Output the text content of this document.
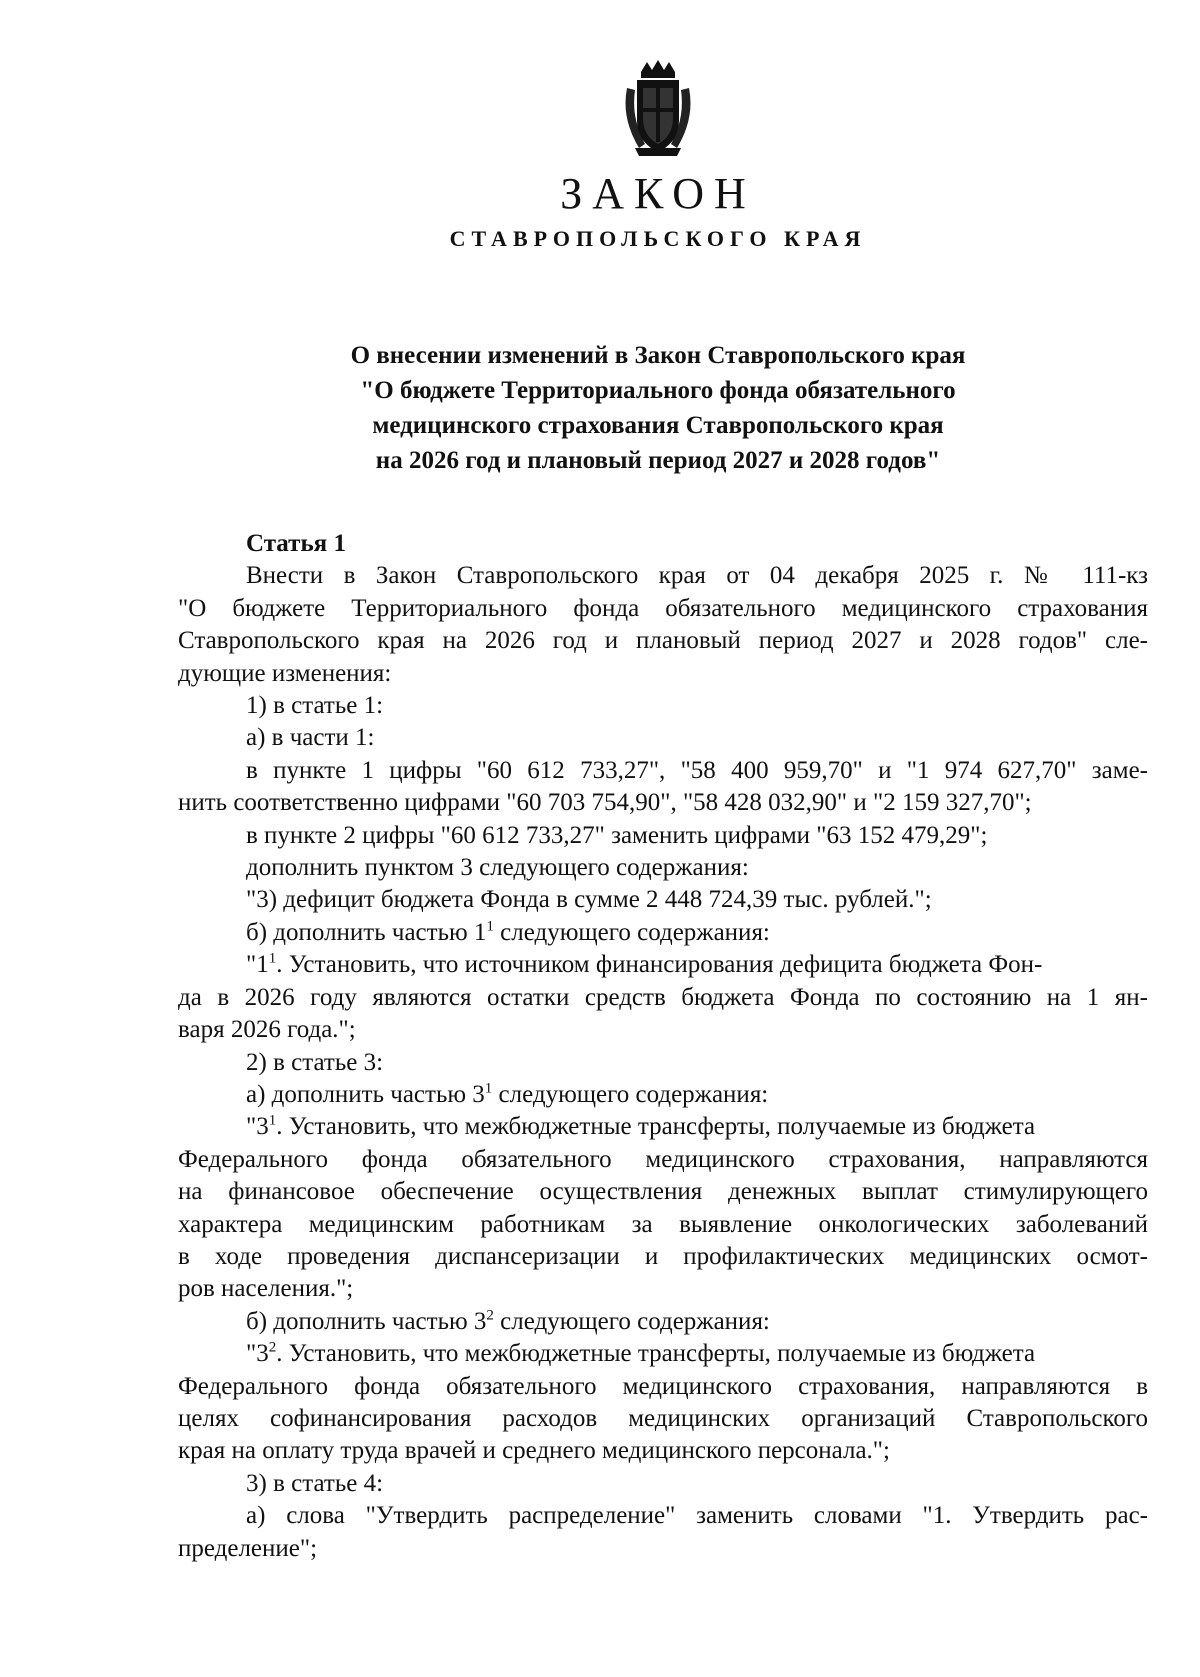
ЗАКОН
СТАВРОПОЛЬСКОГО КРАЯ
О внесении изменений в Закон Ставропольского края
"О бюджете Территориального фонда обязательного
медицинского страхования Ставропольского края
на 2026 год и плановый период 2027 и 2028 годов"
Статья 1
Внести в Закон Ставропольского края от 04 декабря 2025 г. № 111-кз
"О бюджете Территориального фонда обязательного медицинского страхования
Ставропольского края на 2026 год и плановый период 2027 и 2028 годов" сле-
дующие изменения:
1) в статье 1:
а) в части 1:
в пункте 1 цифры "60 612 733,27", "58 400 959,70" и "1 974 627,70" заме-
нить соответственно цифрами "60 703 754,90", "58 428 032,90" и "2 159 327,70";
в пункте 2 цифры "60 612 733,27" заменить цифрами "63 152 479,29";
дополнить пунктом 3 следующего содержания:
"3) дефицит бюджета Фонда в сумме 2 448 724,39 тыс. рублей.";
б) дополнить частью $1^1$ следующего содержания:
"$1^1$. Установить, что источником финансирования дефицита бюджета Фон-
да в 2026 году являются остатки средств бюджета Фонда по состоянию на 1 ян-
варя 2026 года.";
2) в статье 3:
а) дополнить частью $3^1$ следующего содержания:
"$3^1$. Установить, что межбюджетные трансферты, получаемые из бюджета
Федерального фонда обязательного медицинского страхования, направляются
на финансовое обеспечение осуществления денежных выплат стимулирующего
характера медицинским работникам за выявление онкологических заболеваний
в ходе проведения диспансеризации и профилактических медицинских осмот-
ров населения.";
б) дополнить частью $3^2$ следующего содержания:
"$3^2$. Установить, что межбюджетные трансферты, получаемые из бюджета
Федерального фонда обязательного медицинского страхования, направляются в
целях софинансирования расходов медицинских организаций Ставропольского
края на оплату труда врачей и среднего медицинского персонала.";
3) в статье 4:
а) слова "Утвердить распределение" заменить словами "1. Утвердить рас-
пределение";
